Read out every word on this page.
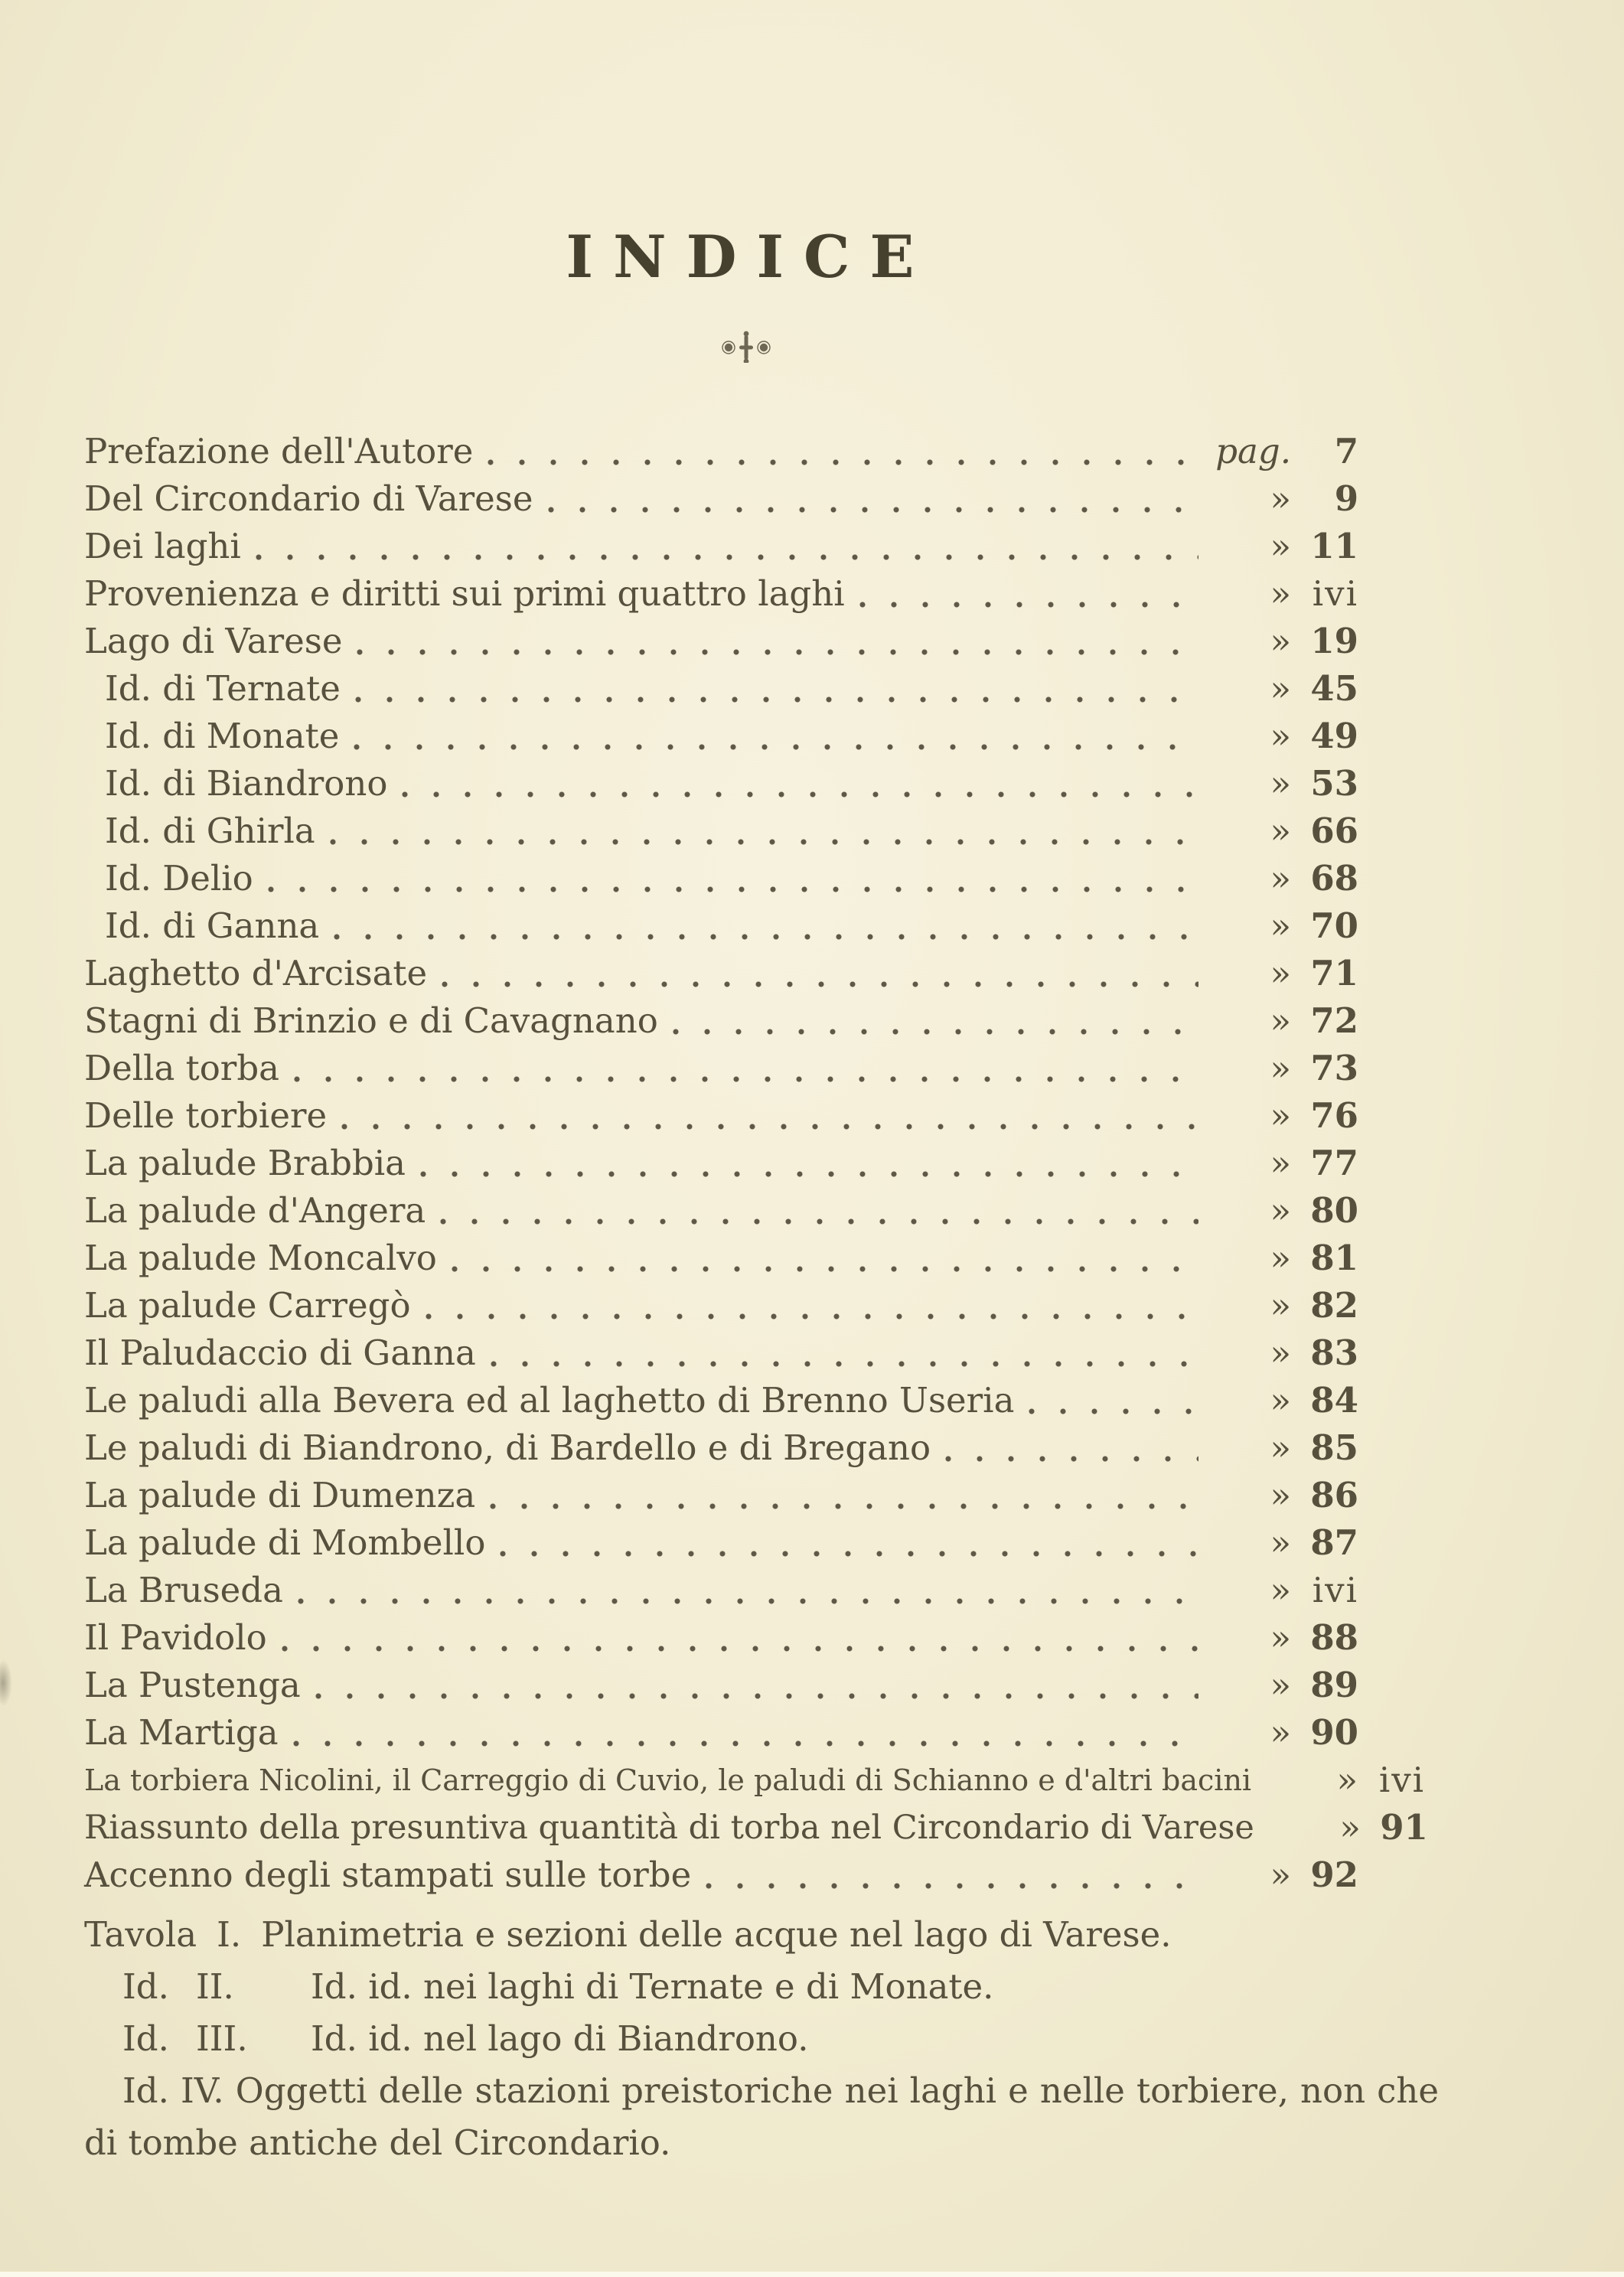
INDICE
Prefazione dell'Autore	pag.	7
Del Circondario di Varese	»	9
Dei laghi	» 11
Provenienza e diritti sui primi quattro laghi	» ivi
Lago di Varese	» 19
Id. di Ternate	» 45
Id. di Monate	» 49
Id. di Biandrono	» 53
Id. di Ghirla	» 66
Id. Delio	» 68
Id. di Ganna	» 70
Laghetto d'Arcisate	» 71
Stagni di Brinzio e di Cavagnano	» 72
Della torba	» 73
Delle torbiere	» 76
La palude Brabbia	» 77
La palude d'Angera	» 80
La palude Moncalvo	» 81
La palude Carregò	» 82
Il Paludaccio di Ganna	» 83
Le paludi alla Bevera ed al laghetto di Brenno Useria	» 84
Le paludi di Biandrono, di Bardello e di Bregano	» 85
La palude di Dumenza	» 86
La palude di Mombello	» 87
La Bruseda	» ivi
Il Pavidolo	» 88
La Pustenga	» 89
La Martiga	» 90
La torbiera Nicolini, il Carreggio di Cuvio, le paludi di Schianno e d'altri bacini	» ivi
Riassunto della presuntiva quantità di torba nel Circondario di Varese	» 91
Accenno degli stampati sulle torbe	» 92
Tavola I. Planimetria e sezioni delle acque nel lago di Varese.
Id. II. Id. id. nei laghi di Ternate e di Monate.
Id. III. Id. id. nel lago di Biandrono.

Id. IV. Oggetti delle stazioni preistoriche nei laghi e nelle torbiere, non che di tombe antiche del Circondario.
